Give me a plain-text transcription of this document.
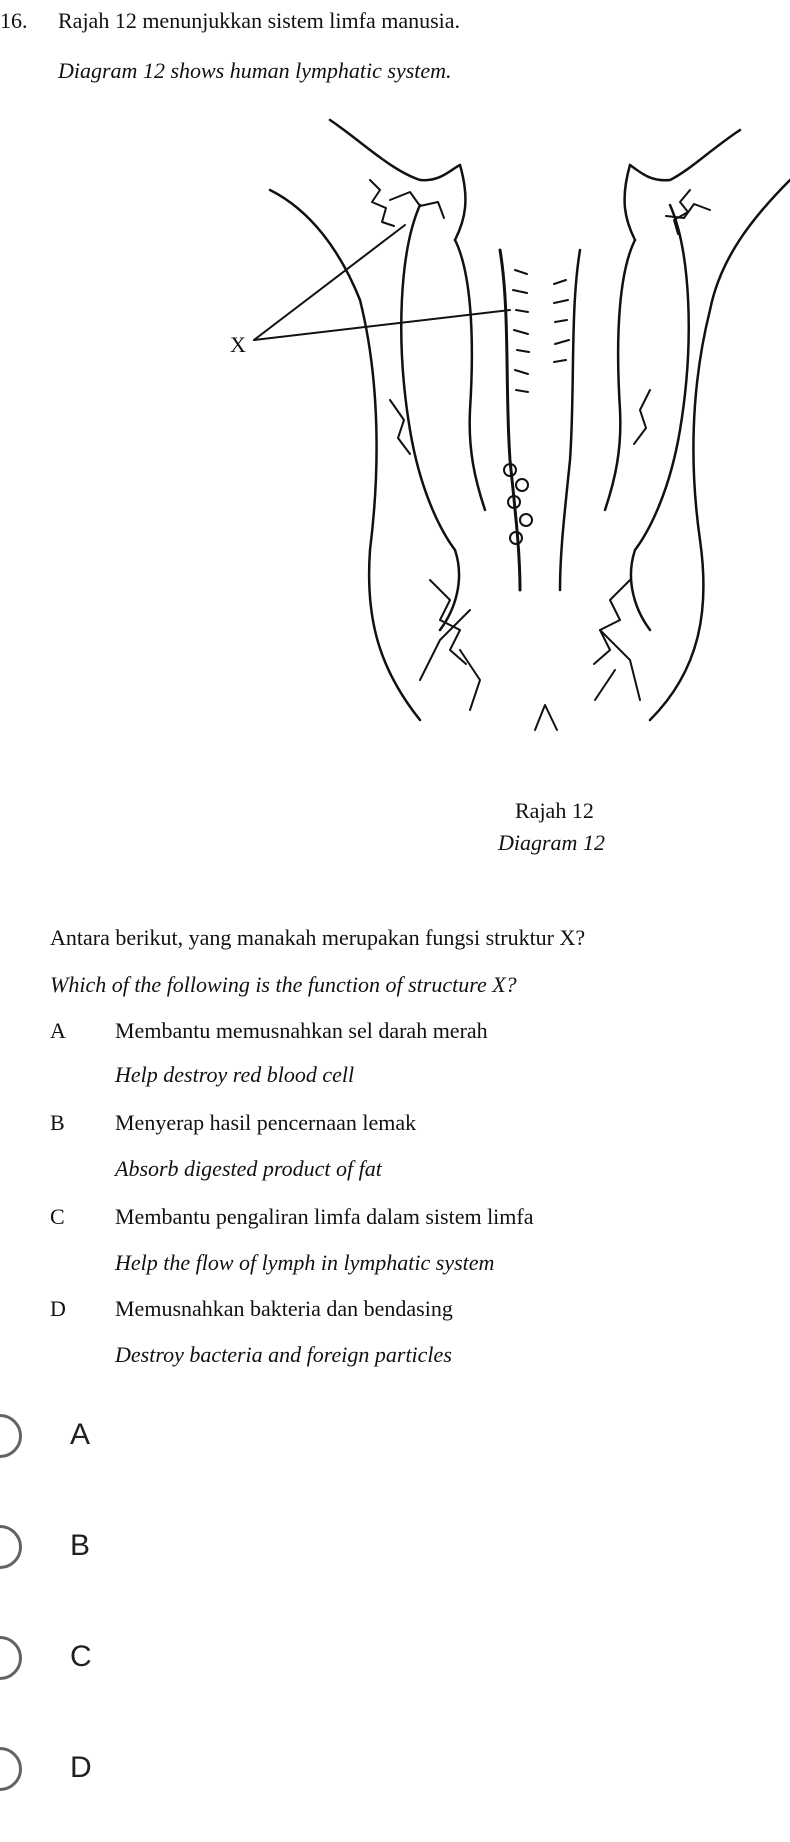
16. Rajah 12 menunjukkan sistem limfa manusia.
Diagram 12 shows human lymphatic system.
X
Rajah 12
Diagram 12
Antara berikut, yang manakah merupakan fungsi struktur X?
Which of the following is the function of structure X?
A Membantu memusnahkan sel darah merah
Help destroy red blood cell
B Menyerap hasil pencernaan lemak
Absorb digested product of fat
C Membantu pengaliran limfa dalam sistem limfa
Help the flow of lymph in lymphatic system
D Memusnahkan bakteria dan bendasing
Destroy bacteria and foreign particles
A
B
C
D
